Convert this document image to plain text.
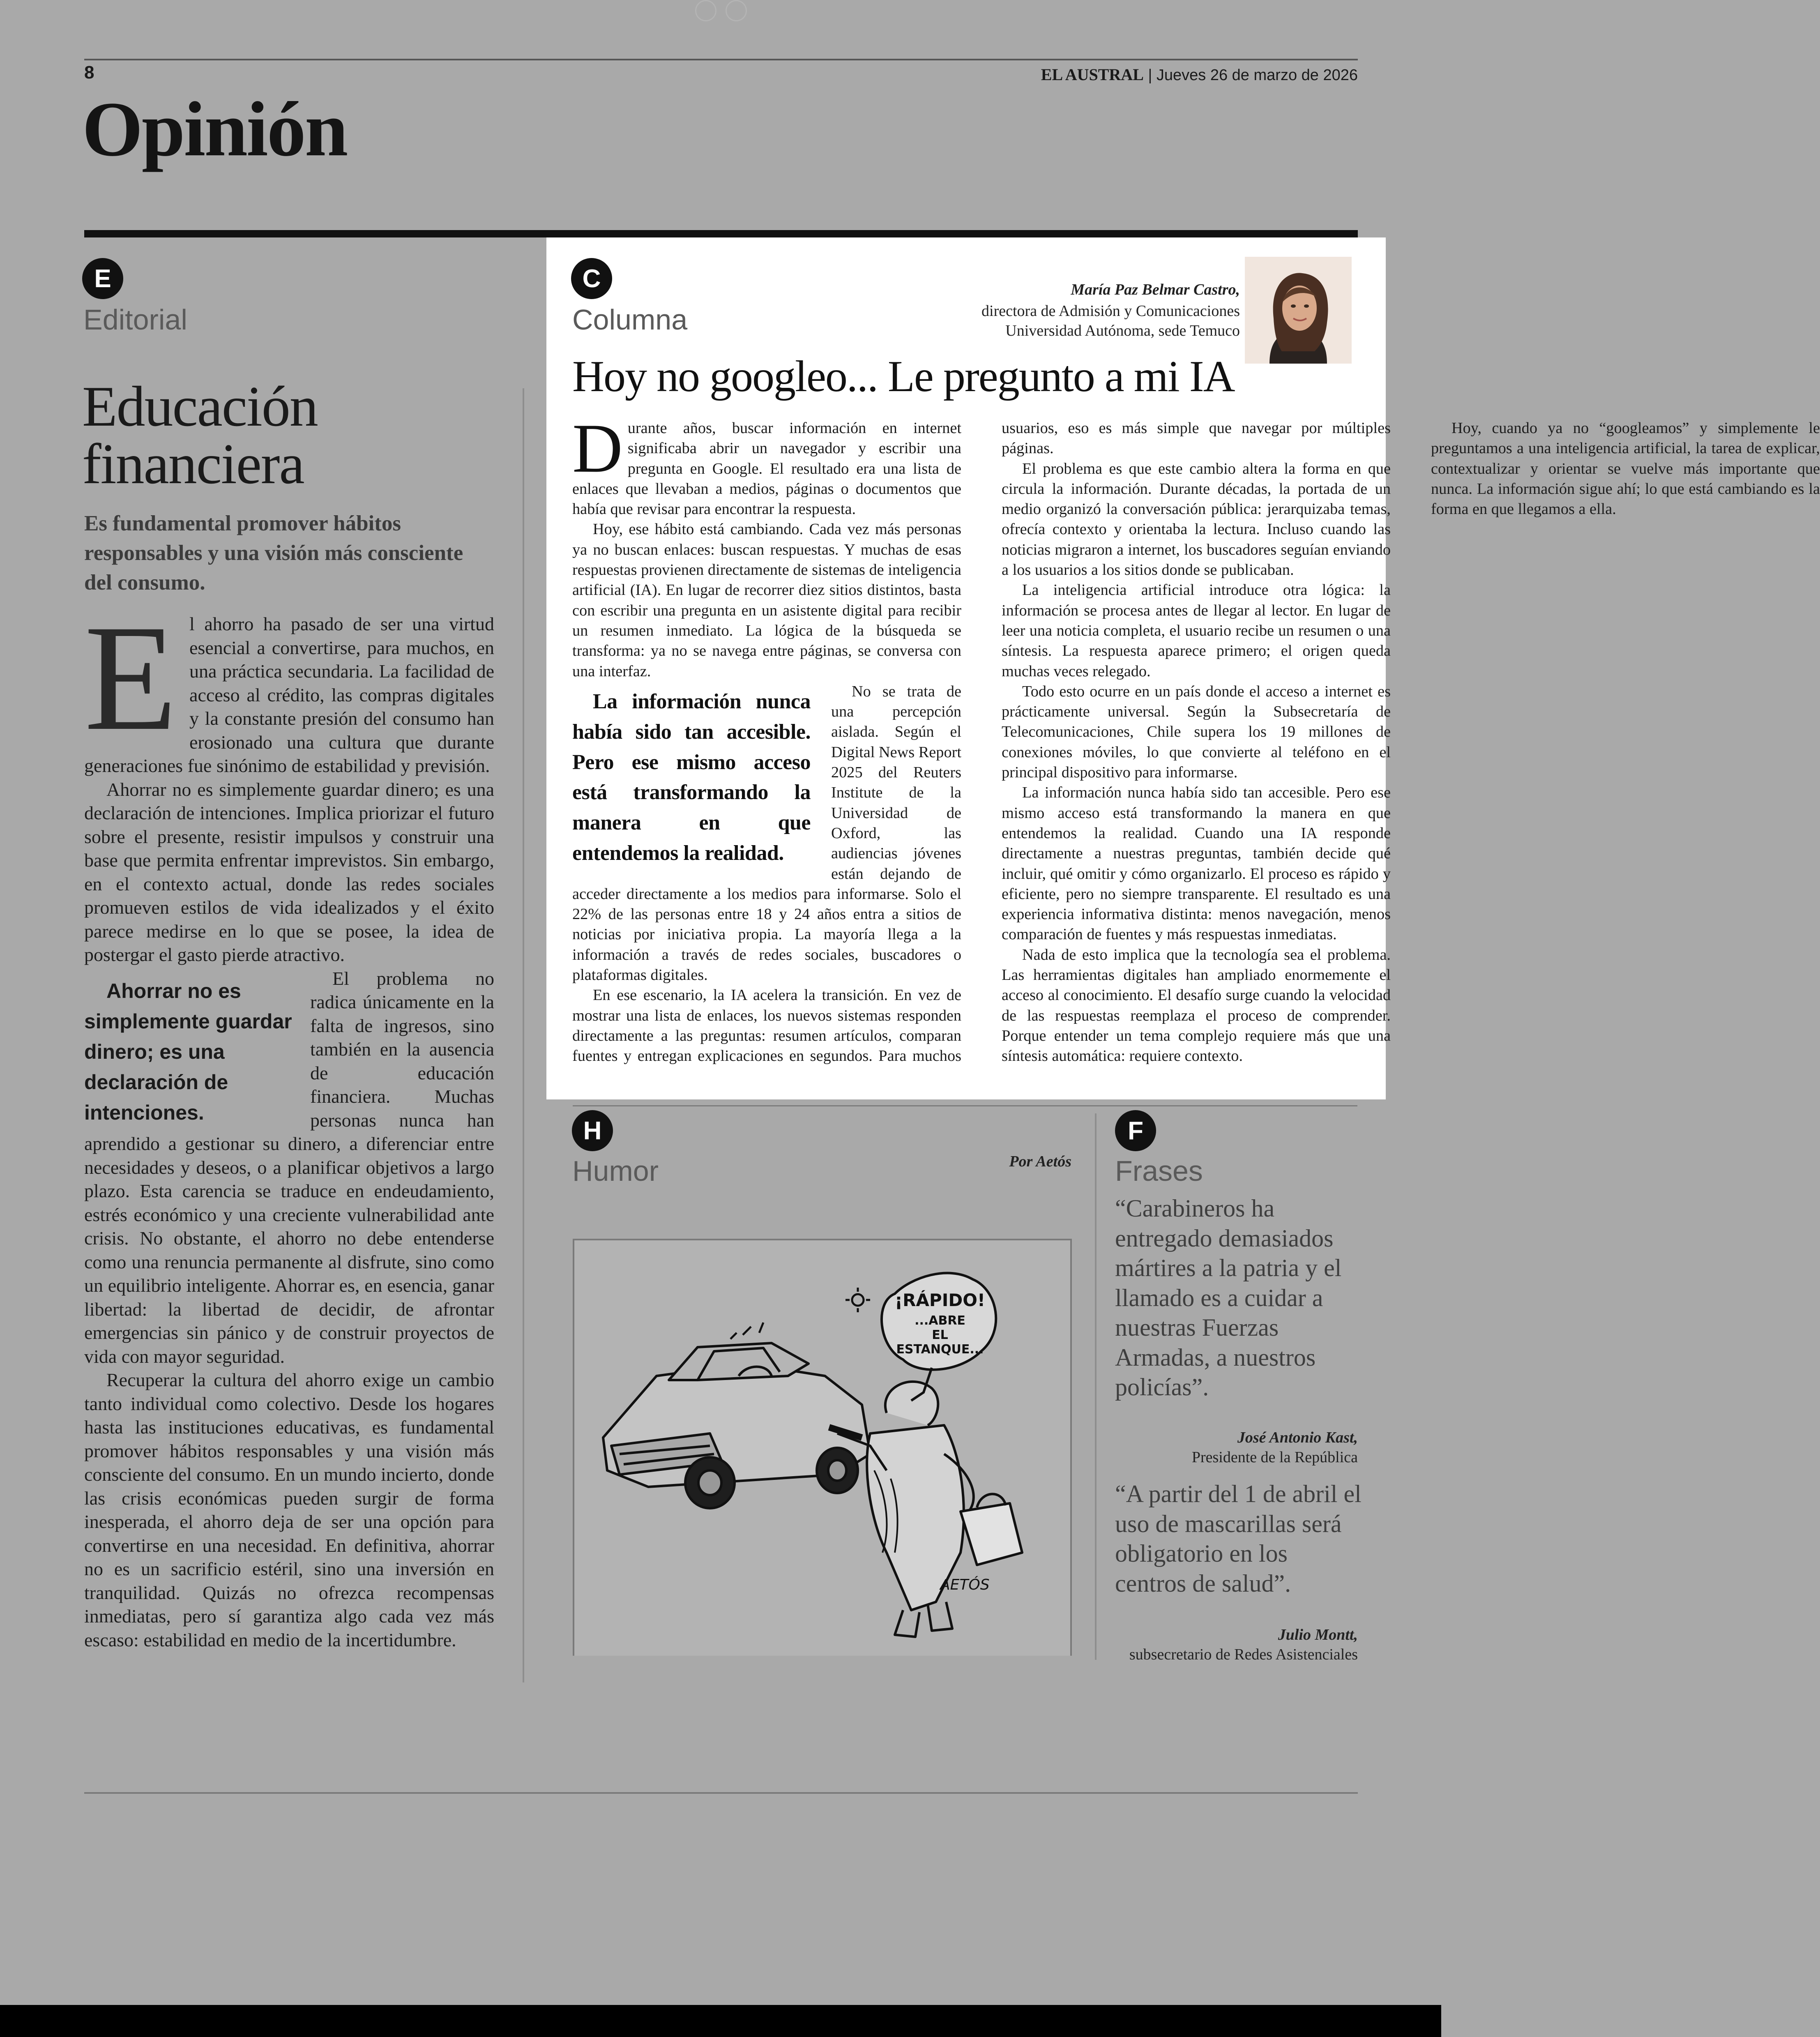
8	EL AUSTRAL | Jueves 26 de marzo de 2026
Opinión
E
Editorial
Educación
financiera
Es fundamental promover hábitos responsables y una visión más consciente del consumo.

El ahorro ha pasado de ser una virtud esencial a convertirse, para muchos, en una práctica secundaria. La facilidad de acceso al crédito, las compras digitales y la constante presión del consumo han erosionado una cultura que durante generaciones fue sinónimo de estabilidad y previsión.

Ahorrar no es simplemente guardar dinero; es una declaración de intenciones. Implica priorizar el futuro sobre el presente, resistir impulsos y construir una base que permita enfrentar imprevistos. Sin embargo, en el contexto actual, donde las redes sociales promueven estilos de vida idealizados y el éxito parece medirse en lo que se posee, la idea de postergar el gasto pierde atractivo.

Ahorrar no es simplemente guardar dinero; es una declaración de intenciones.
El problema no radica únicamente en la falta de ingresos, sino también en la ausencia de educación financiera. Muchas personas nunca han aprendido a gestionar su dinero, a diferenciar entre necesidades y deseos, o a planificar objetivos a largo plazo. Esta carencia se traduce en endeudamiento, estrés económico y una creciente vulnerabilidad ante crisis. No obstante, el ahorro no debe entenderse como una renuncia permanente al disfrute, sino como un equilibrio inteligente. Ahorrar es, en esencia, ganar libertad: la libertad de decidir, de afrontar emergencias sin pánico y de construir proyectos de vida con mayor seguridad.

Recuperar la cultura del ahorro exige un cambio tanto individual como colectivo. Desde los hogares hasta las instituciones educativas, es fundamental promover hábitos responsables y una visión más consciente del consumo. En un mundo incierto, donde las crisis económicas pueden surgir de forma inesperada, el ahorro deja de ser una opción para convertirse en una necesidad. En definitiva, ahorrar no es un sacrificio estéril, sino una inversión en tranquilidad. Quizás no ofrezca recompensas inmediatas, pero sí garantiza algo cada vez más escaso: estabilidad en medio de la incertidumbre.

C
Columna
María Paz Belmar Castro,
directora de Admisión y Comunicaciones
Universidad Autónoma, sede Temuco
Hoy no googleo... Le pregunto a mi IA

Durante años, buscar información en internet significaba abrir un navegador y escribir una pregunta en Google. El resultado era una lista de enlaces que llevaban a medios, páginas o documentos que había que revisar para encontrar la respuesta.

Hoy, ese hábito está cambiando. Cada vez más personas ya no buscan enlaces: buscan respuestas. Y muchas de esas respuestas provienen directamente de sistemas de inteligencia artificial (IA). En lugar de recorrer diez sitios distintos, basta con escribir una pregunta en un asistente digital para recibir un resumen inmediato. La lógica de la búsqueda se transforma: ya no se navega entre páginas, se conversa con una interfaz.

La información nunca había sido tan accesible. Pero ese mismo acceso está transformando la manera en que entendemos la realidad.
No se trata de una percepción aislada. Según el Digital News Report 2025 del Reuters Institute de la Universidad de Oxford, las audiencias jóvenes están dejando de acceder directamente a los medios para informarse. Solo el 22% de las personas entre 18 y 24 años entra a sitios de noticias por iniciativa propia. La mayoría llega a la información a través de redes sociales, buscadores o plataformas digitales.

En ese escenario, la IA acelera la transición. En vez de mostrar una lista de enlaces, los nuevos sistemas responden directamente a las preguntas: resumen artículos, comparan fuentes y entregan explicaciones en segundos. Para muchos usuarios, eso es más simple que navegar por múltiples páginas.

El problema es que este cambio altera la forma en que circula la información. Durante décadas, la portada de un medio organizó la conversación pública: jerarquizaba temas, ofrecía contexto y orientaba la lectura. Incluso cuando las noticias migraron a internet, los buscadores seguían enviando a los usuarios a los sitios donde se publicaban.

La inteligencia artificial introduce otra lógica: la información se procesa antes de llegar al lector. En lugar de leer una noticia completa, el usuario recibe un resumen o una síntesis. La respuesta aparece primero; el origen queda muchas veces relegado.

Todo esto ocurre en un país donde el acceso a internet es prácticamente universal. Según la Subsecretaría de Telecomunicaciones, Chile supera los 19 millones de conexiones móviles, lo que convierte al teléfono en el principal dispositivo para informarse.

La información nunca había sido tan accesible. Pero ese mismo acceso está transformando la manera en que entendemos la realidad. Cuando una IA responde directamente a nuestras preguntas, también decide qué incluir, qué omitir y cómo organizarlo. El proceso es rápido y eficiente, pero no siempre transparente. El resultado es una experiencia informativa distinta: menos navegación, menos comparación de fuentes y más respuestas inmediatas.

Nada de esto implica que la tecnología sea el problema. Las herramientas digitales han ampliado enormemente el acceso al conocimiento. El desafío surge cuando la velocidad de las respuestas reemplaza el proceso de comprender. Porque entender un tema complejo requiere más que una síntesis automática: requiere contexto.

Hoy, cuando ya no “googleamos” y simplemente le preguntamos a una inteligencia artificial, la tarea de explicar, contextualizar y orientar se vuelve más importante que nunca. La información sigue ahí; lo que está cambiando es la forma en que llegamos a ella.

H
Humor	Por Aetós
¡RÁPIDO!
...ABRE
EL
ESTANQUE...
AETÓS
F
Frases
“Carabineros ha entregado demasiados mártires a la patria y el llamado es a cuidar a nuestras Fuerzas Armadas, a nuestros policías”.
José Antonio Kast,
Presidente de la República
“A partir del 1 de abril el uso de mascarillas será obligatorio en los centros de salud”.
Julio Montt,
subsecretario de Redes Asistenciales
